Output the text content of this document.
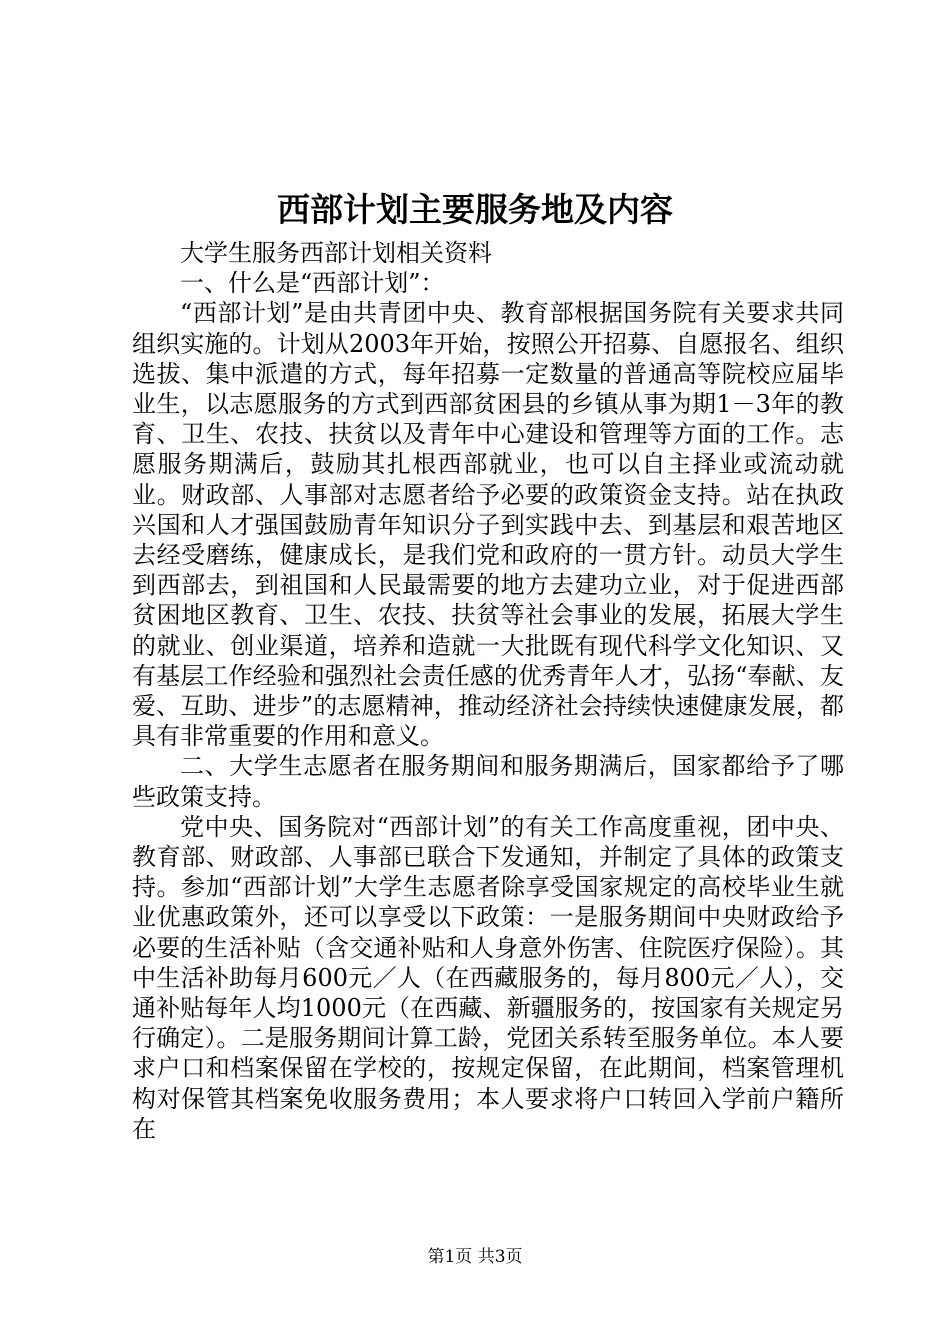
西部计划主要服务地及内容

大学生服务西部计划相关资料

一、什么是“西部计划”：

“西部计划”是由共青团中央、教育部根据国务院有关要求共同组织实施的。计划从2003年开始，按照公开招募、自愿报名、组织选拔、集中派遣的方式，每年招募一定数量的普通高等院校应届毕业生，以志愿服务的方式到西部贫困县的乡镇从事为期1－3年的教育、卫生、农技、扶贫以及青年中心建设和管理等方面的工作。志愿服务期满后，鼓励其扎根西部就业，也可以自主择业或流动就业。财政部、人事部对志愿者给予必要的政策资金支持。站在执政兴国和人才强国鼓励青年知识分子到实践中去、到基层和艰苦地区去经受磨练，健康成长，是我们党和政府的一贯方针。动员大学生到西部去，到祖国和人民最需要的地方去建功立业，对于促进西部贫困地区教育、卫生、农技、扶贫等社会事业的发展，拓展大学生的就业、创业渠道，培养和造就一大批既有现代科学文化知识、又有基层工作经验和强烈社会责任感的优秀青年人才，弘扬“奉献、友爱、互助、进步”的志愿精神，推动经济社会持续快速健康发展，都具有非常重要的作用和意义。

二、大学生志愿者在服务期间和服务期满后，国家都给予了哪些政策支持。

党中央、国务院对“西部计划”的有关工作高度重视，团中央、教育部、财政部、人事部已联合下发通知，并制定了具体的政策支持。参加“西部计划”大学生志愿者除享受国家规定的高校毕业生就业优惠政策外，还可以享受以下政策：一是服务期间中央财政给予必要的生活补贴（含交通补贴和人身意外伤害、住院医疗保险）。其中生活补助每月600元／人（在西藏服务的，每月800元／人），交通补贴每年人均1000元（在西藏、新疆服务的，按国家有关规定另行确定）。二是服务期间计算工龄，党团关系转至服务单位。本人要求户口和档案保留在学校的，按规定保留，在此期间，档案管理机构对保管其档案免收服务费用；本人要求将户口转回入学前户籍所在

第1页 共3页
